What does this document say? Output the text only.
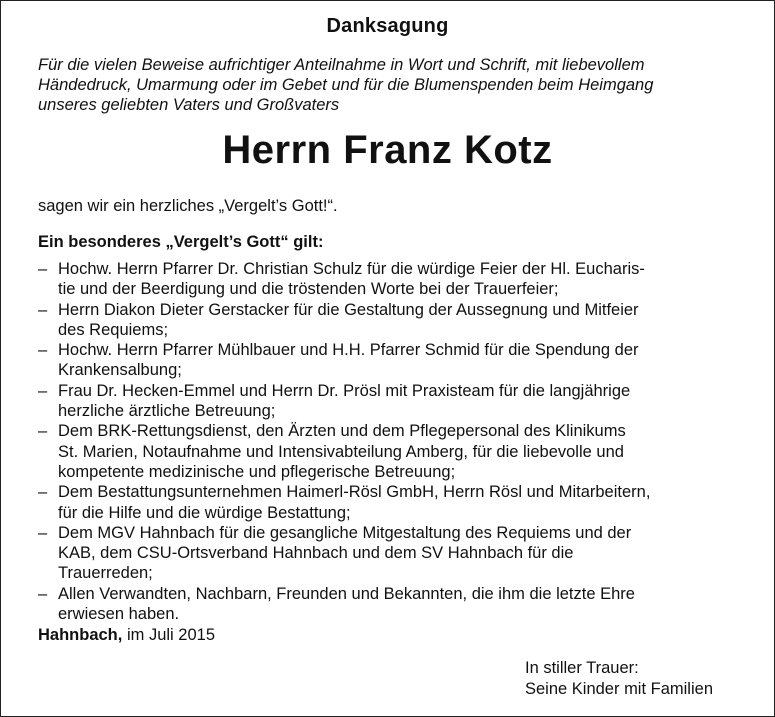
Danksagung

Für die vielen Beweise aufrichtiger Anteilnahme in Wort und Schrift, mit liebevollem
Händedruck, Umarmung oder im Gebet und für die Blumenspenden beim Heimgang
unseres geliebten Vaters und Großvaters

Herrn Franz Kotz
sagen wir ein herzliches „Vergelt’s Gott!“.
Ein besonderes „Vergelt’s Gott“ gilt:
– Hochw. Herrn Pfarrer Dr. Christian Schulz für die würdige Feier der Hl. Eucharis-
tie und der Beerdigung und die tröstenden Worte bei der Trauerfeier;
– Herrn Diakon Dieter Gerstacker für die Gestaltung der Aussegnung und Mitfeier
des Requiems;
– Hochw. Herrn Pfarrer Mühlbauer und H.H. Pfarrer Schmid für die Spendung der
Krankensalbung;
– Frau Dr. Hecken-Emmel und Herrn Dr. Prösl mit Praxisteam für die langjährige
herzliche ärztliche Betreuung;
– Dem BRK-Rettungsdienst, den Ärzten und dem Pflegepersonal des Klinikums
St. Marien, Notaufnahme und Intensivabteilung Amberg, für die liebevolle und
kompetente medizinische und pflegerische Betreuung;
– Dem Bestattungsunternehmen Haimerl-Rösl GmbH, Herrn Rösl und Mitarbeitern,
für die Hilfe und die würdige Bestattung;
– Dem MGV Hahnbach für die gesangliche Mitgestaltung des Requiems und der
KAB, dem CSU-Ortsverband Hahnbach und dem SV Hahnbach für die
Trauerreden;
– Allen Verwandten, Nachbarn, Freunden und Bekannten, die ihm die letzte Ehre
erwiesen haben.
Hahnbach, im Juli 2015
In stiller Trauer:
Seine Kinder mit Familien
